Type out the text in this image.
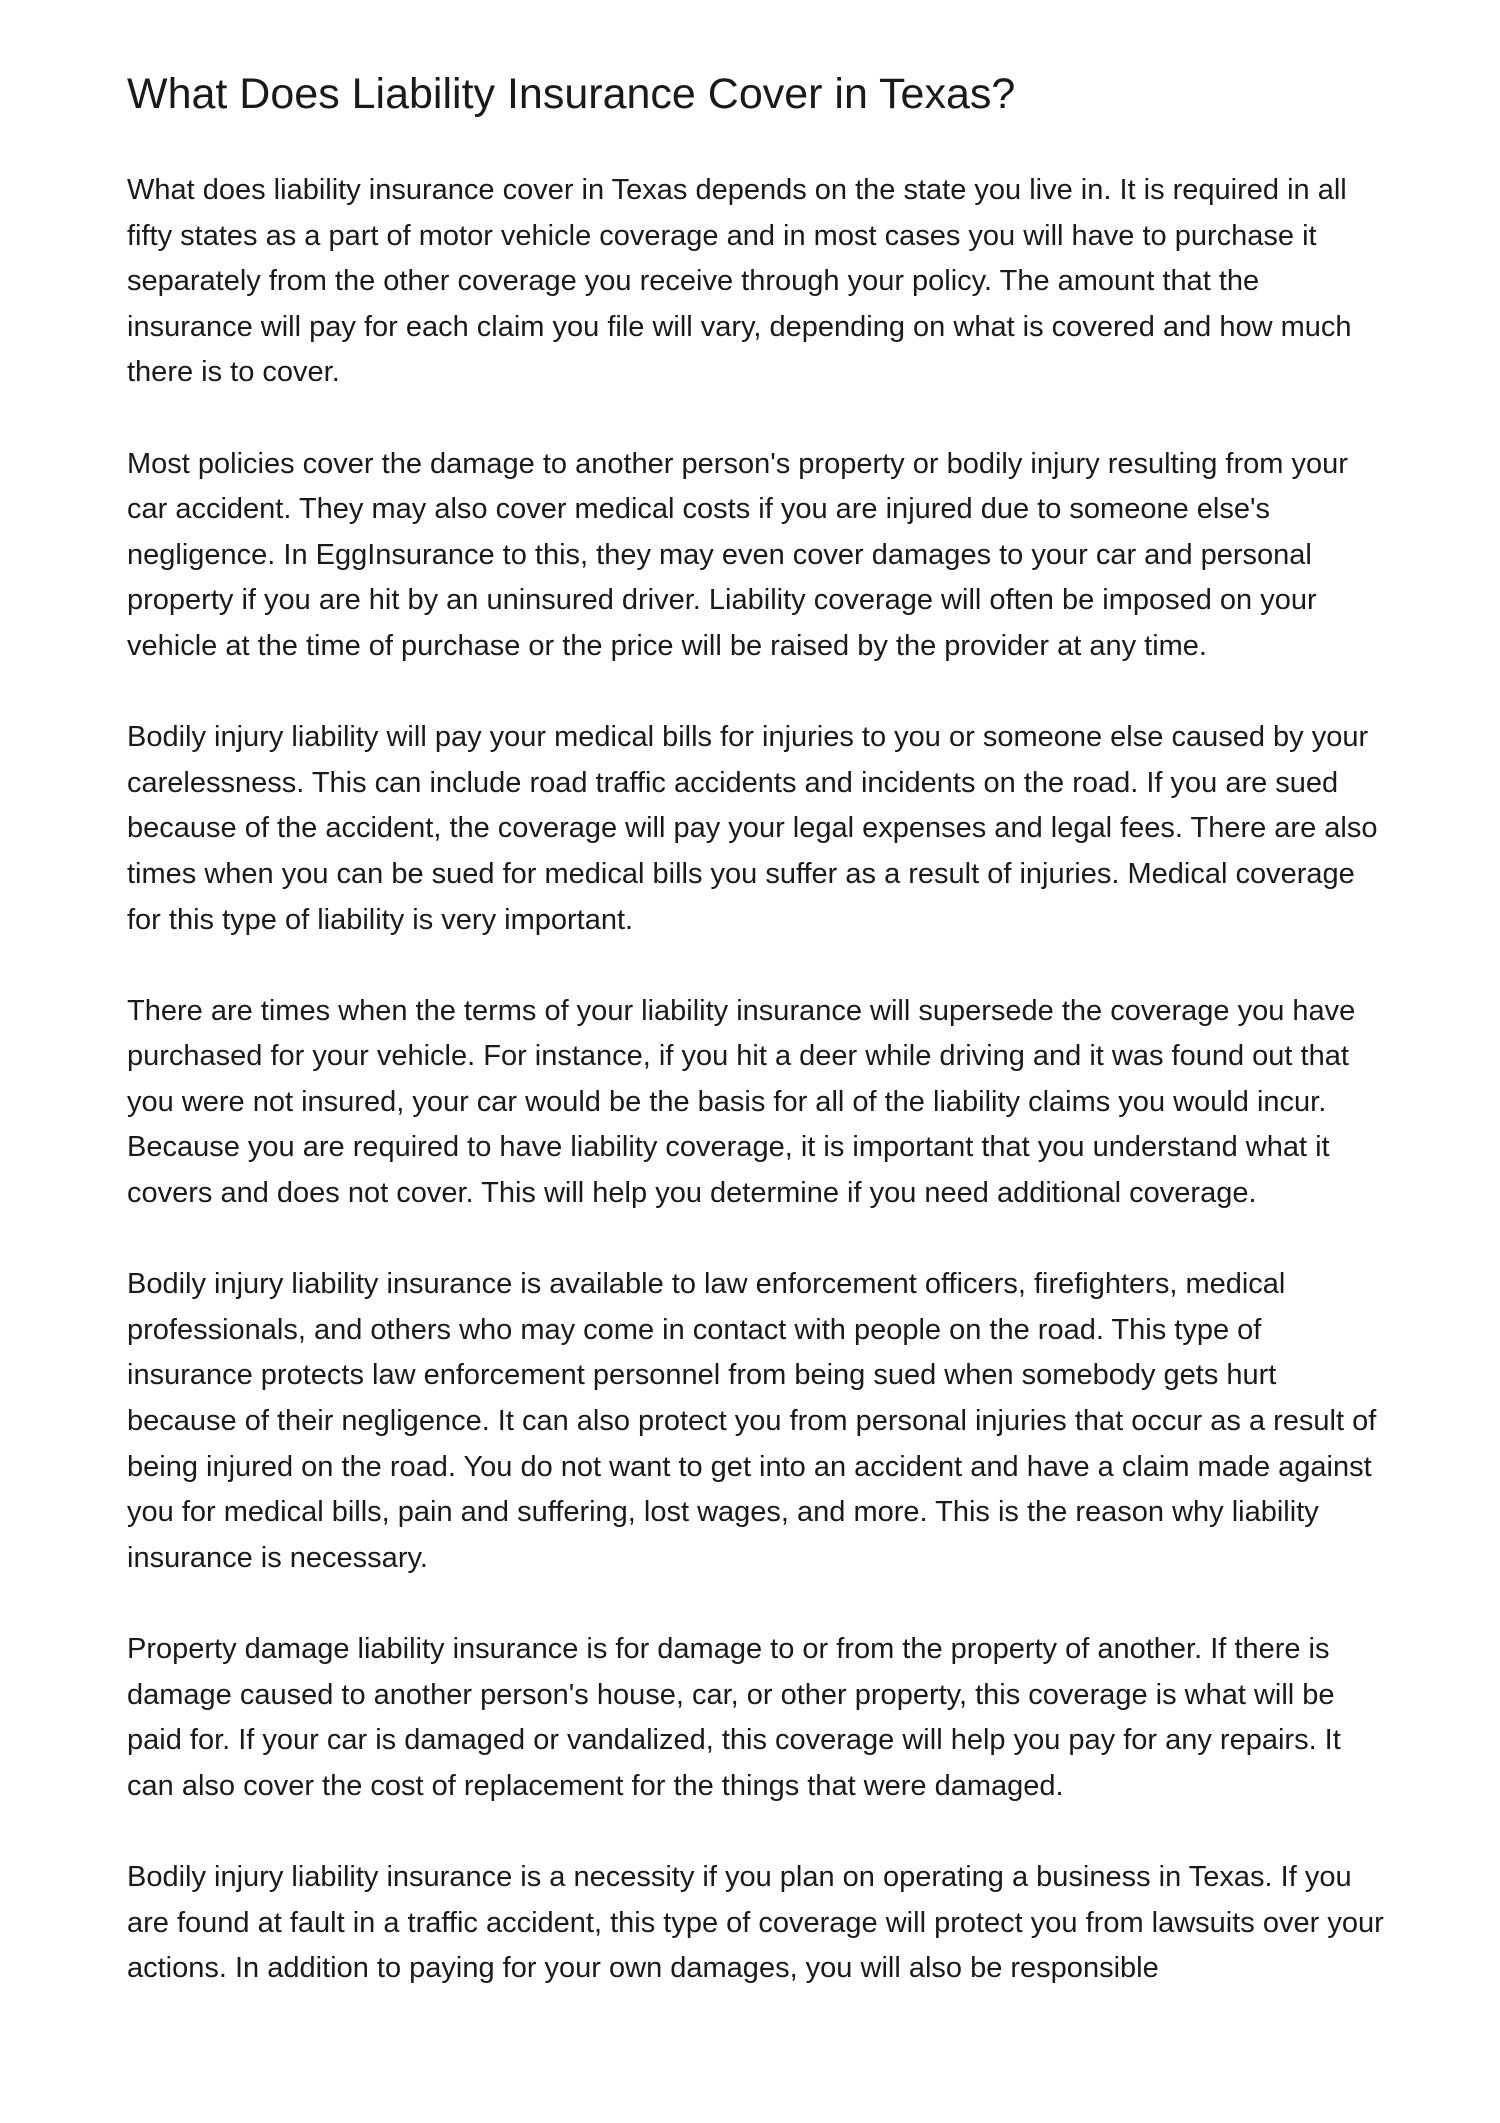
What Does Liability Insurance Cover in Texas?

What does liability insurance cover in Texas depends on the state you live in. It is required in all fifty states as a part of motor vehicle coverage and in most cases you will have to purchase it separately from the other coverage you receive through your policy. The amount that the insurance will pay for each claim you file will vary, depending on what is covered and how much there is to cover.

Most policies cover the damage to another person's property or bodily injury resulting from your car accident. They may also cover medical costs if you are injured due to someone else's negligence. In EggInsurance to this, they may even cover damages to your car and personal property if you are hit by an uninsured driver. Liability coverage will often be imposed on your vehicle at the time of purchase or the price will be raised by the provider at any time.

Bodily injury liability will pay your medical bills for injuries to you or someone else caused by your carelessness. This can include road traffic accidents and incidents on the road. If you are sued because of the accident, the coverage will pay your legal expenses and legal fees. There are also times when you can be sued for medical bills you suffer as a result of injuries. Medical coverage for this type of liability is very important.

There are times when the terms of your liability insurance will supersede the coverage you have purchased for your vehicle. For instance, if you hit a deer while driving and it was found out that you were not insured, your car would be the basis for all of the liability claims you would incur. Because you are required to have liability coverage, it is important that you understand what it covers and does not cover. This will help you determine if you need additional coverage.

Bodily injury liability insurance is available to law enforcement officers, firefighters, medical professionals, and others who may come in contact with people on the road. This type of insurance protects law enforcement personnel from being sued when somebody gets hurt because of their negligence. It can also protect you from personal injuries that occur as a result of being injured on the road. You do not want to get into an accident and have a claim made against you for medical bills, pain and suffering, lost wages, and more. This is the reason why liability insurance is necessary.

Property damage liability insurance is for damage to or from the property of another. If there is damage caused to another person's house, car, or other property, this coverage is what will be paid for. If your car is damaged or vandalized, this coverage will help you pay for any repairs. It can also cover the cost of replacement for the things that were damaged.

Bodily injury liability insurance is a necessity if you plan on operating a business in Texas. If you are found at fault in a traffic accident, this type of coverage will protect you from lawsuits over your actions. In addition to paying for your own damages, you will also be responsible
